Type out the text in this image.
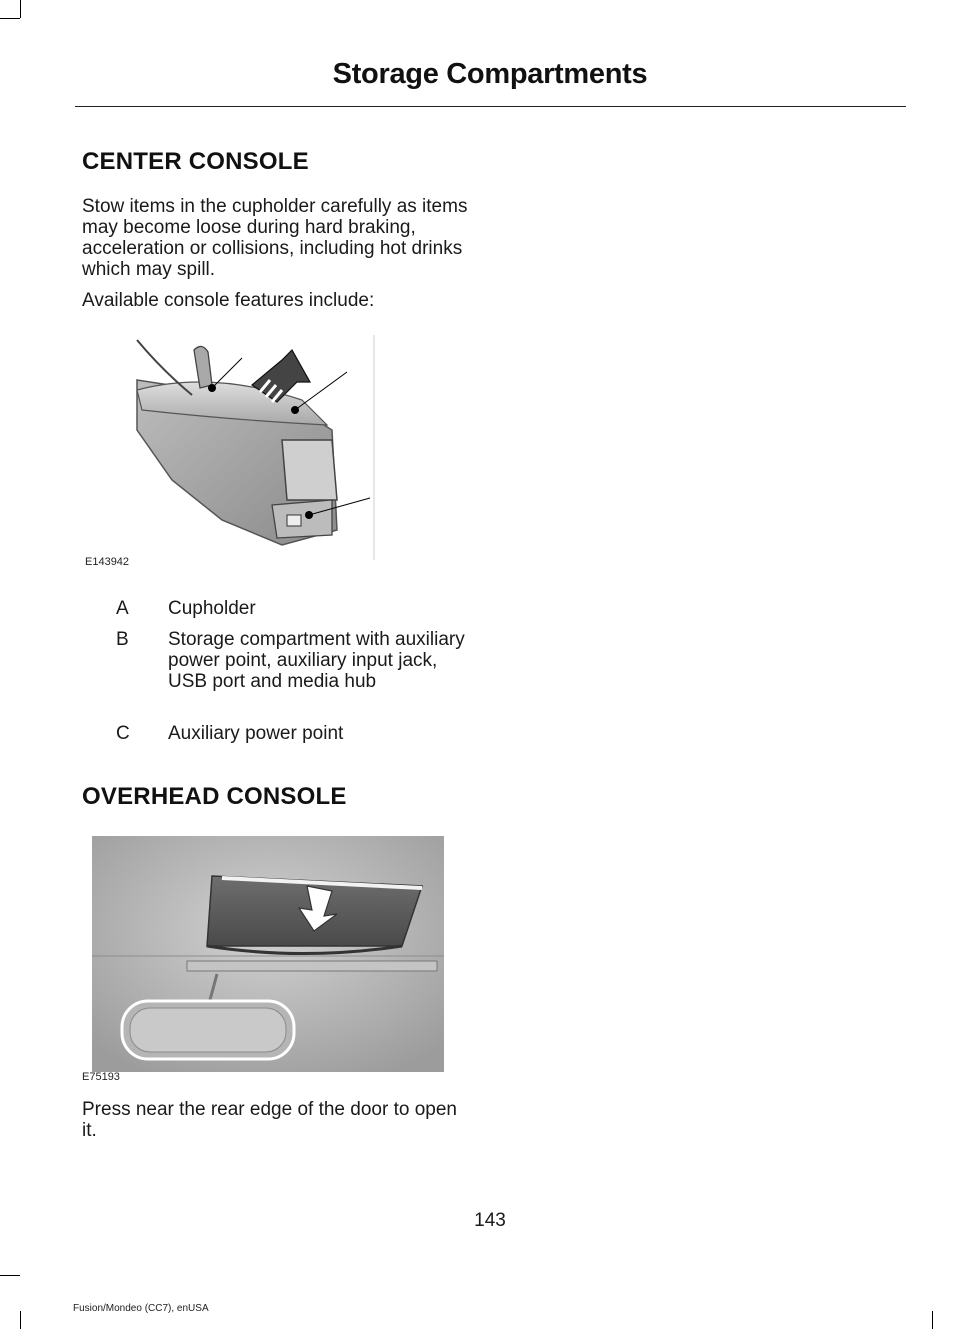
Storage Compartments
CENTER CONSOLE

Stow items in the cupholder carefully as items may become loose during hard braking, acceleration or collisions, including hot drinks which may spill.

Available console features include:

E143942
A Cupholder
B Storage compartment with auxiliary power point, auxiliary input jack, USB port and media hub
C Auxiliary power point
OVERHEAD CONSOLE
E75193

Press near the rear edge of the door to open it.

143
Fusion/Mondeo (CC7), enUSA
